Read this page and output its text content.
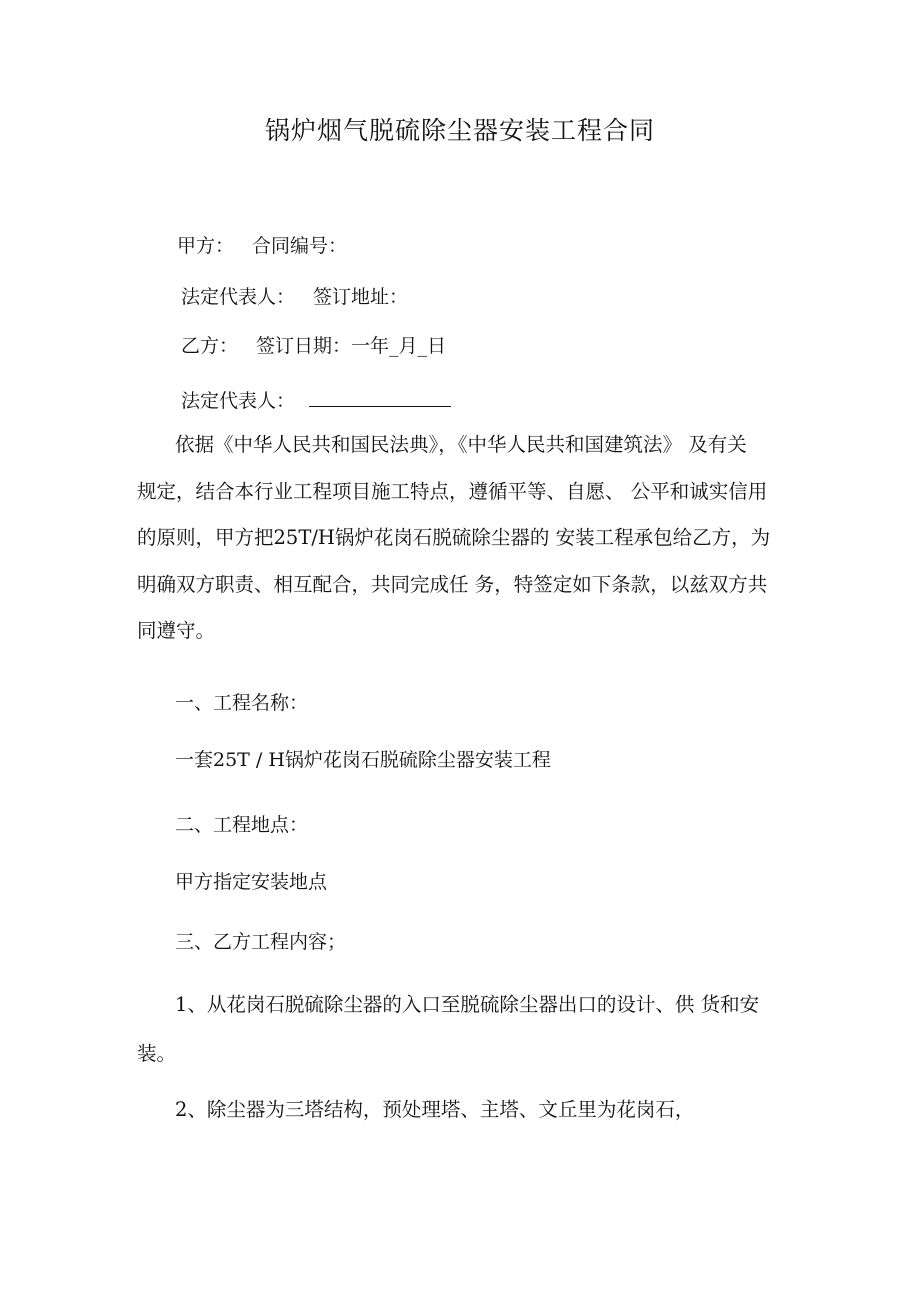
锅炉烟气脱硫除尘器安装工程合同
甲方： 合同编号：
法定代表人： 签订地址：
乙方： 签订日期：一年_月_日
法定代表人：
依据《中华人民共和国民法典》，《中华人民共和国建筑法》 及有关
规定，结合本行业工程项目施工特点，遵循平等、自愿、 公平和诚实信用
的原则，甲方把25T/H锅炉花岗石脱硫除尘器的 安装工程承包给乙方，为
明确双方职责、相互配合，共同完成任 务，特签定如下条款，以兹双方共
同遵守。
一、工程名称：
一套25T / H锅炉花岗石脱硫除尘器安装工程
二、工程地点：
甲方指定安装地点
三、乙方工程内容；
1、从花岗石脱硫除尘器的入口至脱硫除尘器出口的设计、供 货和安
装。
2、除尘器为三塔结构，预处理塔、主塔、文丘里为花岗石，
